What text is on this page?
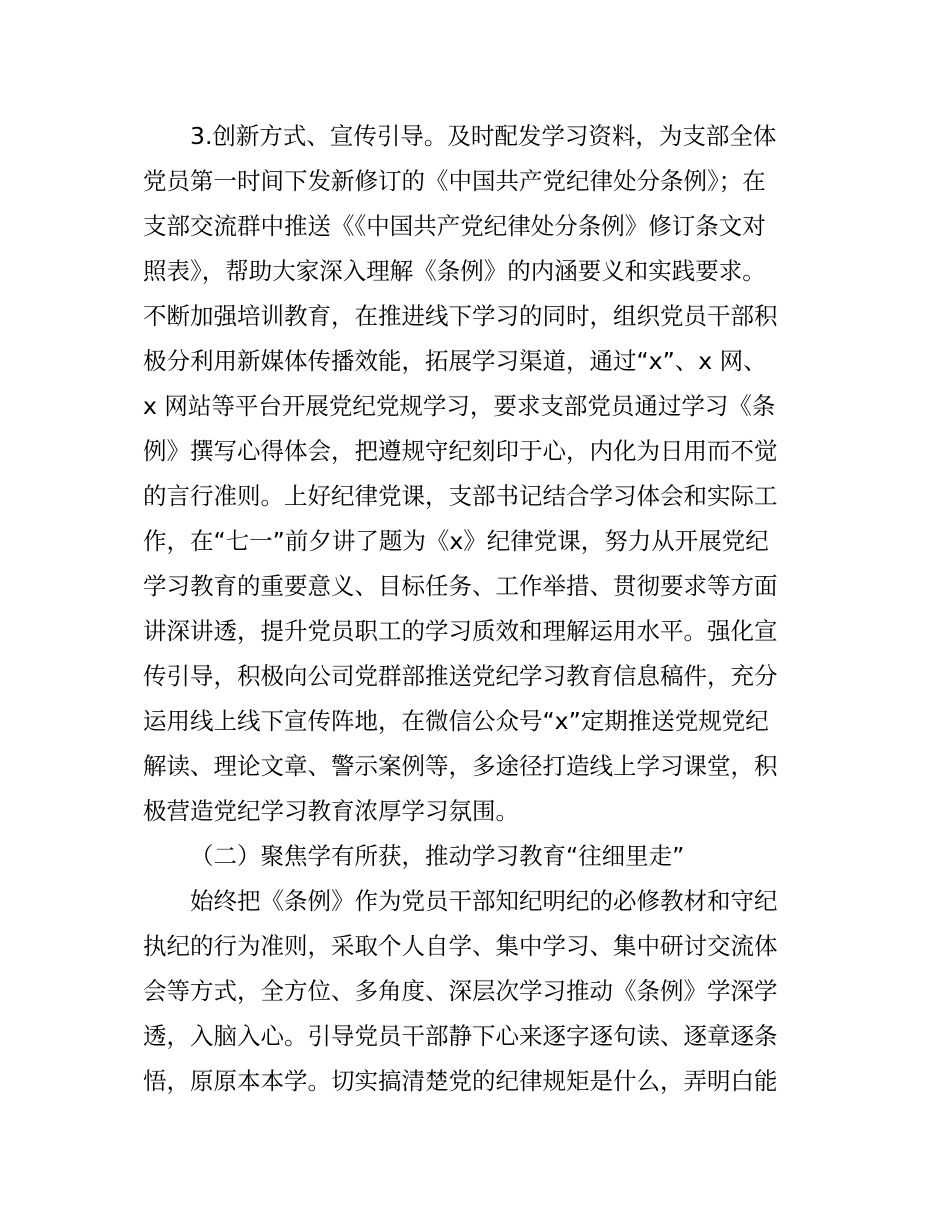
3.创新方式、宣传引导。及时配发学习资料，为支部全体
党员第一时间下发新修订的《中国共产党纪律处分条例》；在
支部交流群中推送《《中国共产党纪律处分条例》修订条文对
照表》，帮助大家深入理解《条例》的内涵要义和实践要求。
不断加强培训教育，在推进线下学习的同时，组织党员干部积
极分利用新媒体传播效能，拓展学习渠道，通过“x”、x 网、
x 网站等平台开展党纪党规学习，要求支部党员通过学习《条
例》撰写心得体会，把遵规守纪刻印于心，内化为日用而不觉
的言行准则。上好纪律党课，支部书记结合学习体会和实际工
作，在“七一”前夕讲了题为《x》纪律党课，努力从开展党纪
学习教育的重要意义、目标任务、工作举措、贯彻要求等方面
讲深讲透，提升党员职工的学习质效和理解运用水平。强化宣
传引导，积极向公司党群部推送党纪学习教育信息稿件，充分
运用线上线下宣传阵地，在微信公众号“x”定期推送党规党纪
解读、理论文章、警示案例等，多途径打造线上学习课堂，积
极营造党纪学习教育浓厚学习氛围。
（二）聚焦学有所获，推动学习教育“往细里走”
始终把《条例》作为党员干部知纪明纪的必修教材和守纪
执纪的行为准则，采取个人自学、集中学习、集中研讨交流体
会等方式，全方位、多角度、深层次学习推动《条例》学深学
透，入脑入心。引导党员干部静下心来逐字逐句读、逐章逐条
悟，原原本本学。切实搞清楚党的纪律规矩是什么，弄明白能
